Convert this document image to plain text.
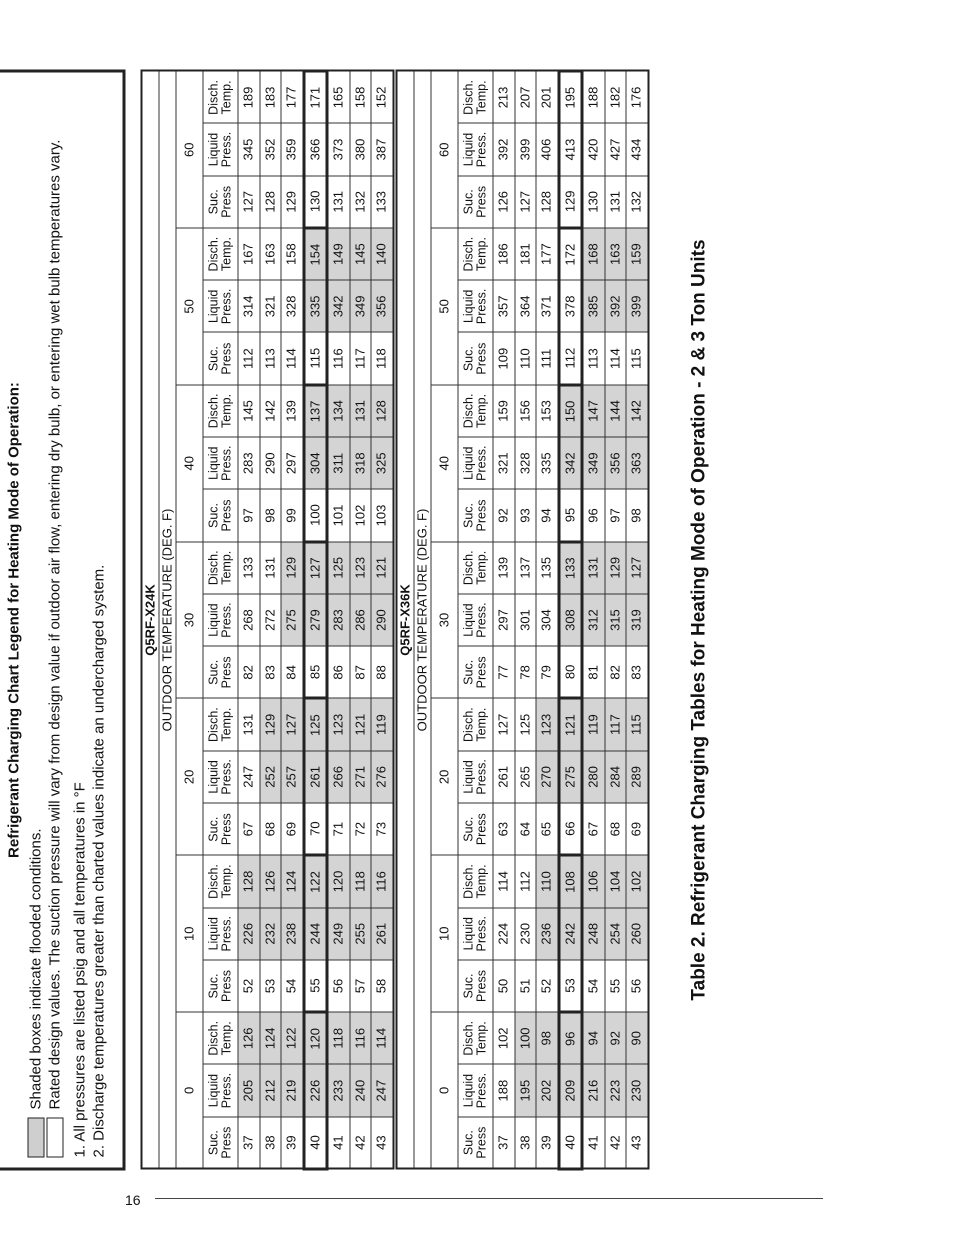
Refrigerant Charging Chart Legend for Heating Mode of Operation:
Shaded boxes indicate flooded conditions. Rated design values. The suction pressure will vary from design value if outdoor air flow, entering dry bulb, or entering wet bulb temperatures vary. 1. All pressures are listed psig and all temperatures in °F 2. Discharge temperatures greater than charted values indicate an undercharged system.	Q5RF-X24K																				
OUTDOOR TEMPERATURE (DEG. F)																				
0			10			20			30			40			50			60		
Suc. Press	Liquid Press.	Disch. Temp.	Suc. Press	Liquid Press.	Disch. Temp.	Suc. Press	Liquid Press.	Disch. Temp.	Suc. Press	Liquid Press.	Disch. Temp.	Suc. Press	Liquid Press.	Disch. Temp.	Suc. Press	Liquid Press.	Disch. Temp.	Suc. Press	Liquid Press.	Disch. Temp.
37	205	126	52	226	128	67	247	131	82	268	133	97	283	145	112	314	167	127	345	189
38	212	124	53	232	126	68	252	129	83	272	131	98	290	142	113	321	163	128	352	183
39	219	122	54	238	124	69	257	127	84	275	129	99	297	139	114	328	158	129	359	177
40	226	120	55	244	122	70	261	125	85	279	127	100	304	137	115	335	154	130	366	171
41	233	118	56	249	120	71	266	123	86	283	125	101	311	134	116	342	149	131	373	165
42	240	116	57	255	118	72	271	121	87	286	123	102	318	131	117	349	145	132	380	158
43	247	114	58	261	116	73	276	119	88	290	121	103	325	128	118	356	140	133	387	152
Q5RF-X36K																				
OUTDOOR TEMPERATURE (DEG. F)																				
0			10			20			30			40			50			60		
Suc. Press	Liquid Press.	Disch. Temp.	Suc. Press	Liquid Press.	Disch. Temp.	Suc. Press	Liquid Press.	Disch. Temp.	Suc. Press	Liquid Press.	Disch. Temp.	Suc. Press	Liquid Press.	Disch. Temp.	Suc. Press	Liquid Press.	Disch. Temp.	Suc. Press	Liquid Press.	Disch. Temp.
37	188	102	50	224	114	63	261	127	77	297	139	92	321	159	109	357	186	126	392	213
38	195	100	51	230	112	64	265	125	78	301	137	93	328	156	110	364	181	127	399	207
39	202	98	52	236	110	65	270	123	79	304	135	94	335	153	111	371	177	128	406	201
40	209	96	53	242	108	66	275	121	80	308	133	95	342	150	112	378	172	129	413	195
41	216	94	54	248	106	67	280	119	81	312	131	96	349	147	113	385	168	130	420	188
42	223	92	55	254	104	68	284	117	82	315	129	97	356	144	114	392	163	131	427	182
43	230	90	56	260	102	69	289	115	83	319	127	98	363	142	115	399	159	132	434	176
Table 2. Refrigerant Charging Tables for Heating Mode of Operation - 2 & 3 Ton Units
16
